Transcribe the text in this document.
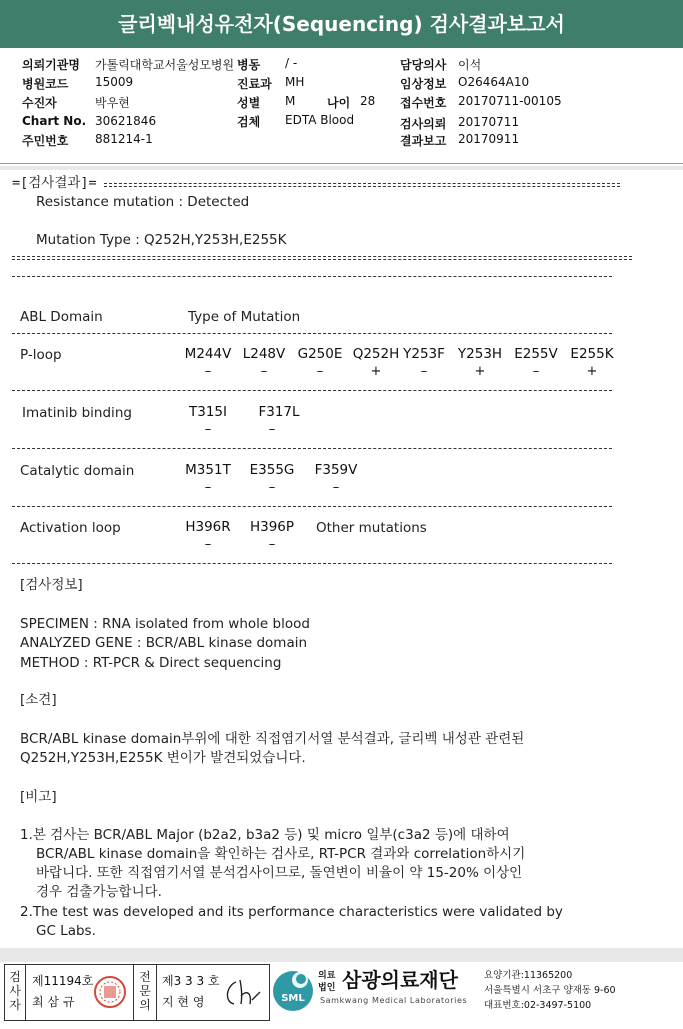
글리벡내성유전자(Sequencing) 검사결과보고서
의뢰기관명 가톨릭대학교서울성모병원 병동 / -	담당의사 이석
병원코드 15009	진료과 MH	임상정보 O26464A10
수진자	박우현	성별 M	나이 28 접수번호 20170711-00105
Chart No. 30621846	검체 EDTA Blood	검사의뢰 20170711
주민번호 881214-1	결과보고 20170911
=[검사결과]=
Resistance mutation : Detected
Mutation Type : Q252H,Y253H,E255K
ABL Domain	Type of Mutation
P-loop	M244V L248V G250E Q252H Y253F Y253H E255V E255K
–	–	–	+	–	+	–	+
Imatinib binding	T315I	F317L
–	–
Catalytic domain	M351T E355G F359V
–	–	–
Activation loop	H396R H396P Other mutations
–	–
[검사정보]
SPECIMEN : RNA isolated from whole blood
ANALYZED GENE : BCR/ABL kinase domain
METHOD : RT-PCR & Direct sequencing
[소견]
BCR/ABL kinase domain부위에 대한 직접염기서열 분석결과, 글리벡 내성관 관련된
Q252H,Y253H,E255K 변이가 발견되었습니다.
[비고]
1.본 검사는 BCR/ABL Major (b2a2, b3a2 등) 및 micro 일부(c3a2 등)에 대하여
BCR/ABL kinase domain을 확인하는 검사로, RT-PCR 결과와 correlation하시기
바랍니다. 또한 직접염기서열 분석검사이므로, 돌연변이 비율이 약 15-20% 이상인
경우 검출가능합니다.
2.The test was developed and its performance characteristics were validated by
GC Labs.
검
사
자
제11194호
최 삼 규
전
문
의
제3 3 3 호
지 현 영	SML
의료
법인 삼광의료재단
Samkwang Medical Laboratories
요양기관:11365200
서울특별시 서초구 양재동 9-60
대표번호:02-3497-5100
